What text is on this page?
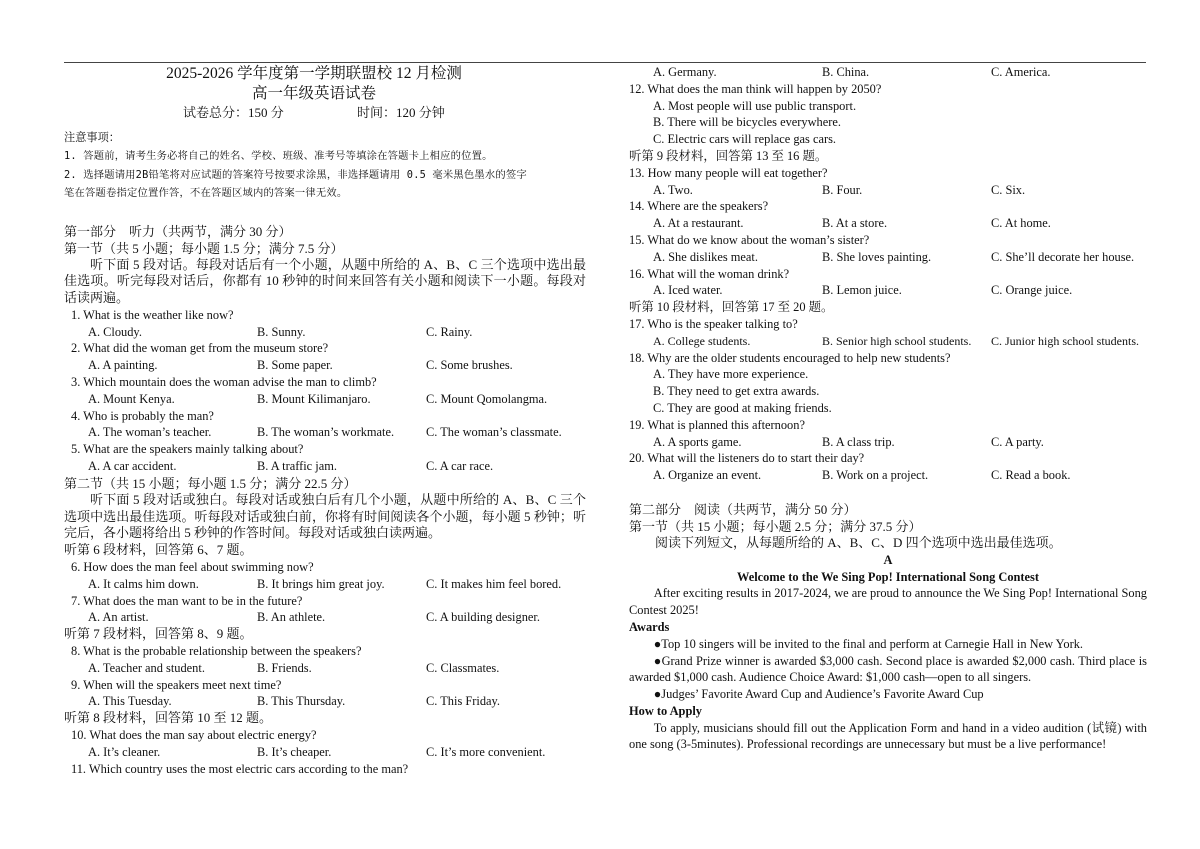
2025-2026 学年度第一学期联盟校 12 月检测
高一年级英语试卷
试卷总分：150 分	时间：120 分钟
注意事项：
1. 答题前，请考生务必将自己的姓名、学校、班级、准考号等填涂在答题卡上相应的位置。
2. 选择题请用2B铅笔将对应试题的答案符号按要求涂黑，非选择题请用 0.5 毫米黑色墨水的签字
笔在答题卷指定位置作答，不在答题区域内的答案一律无效。
第一部分　听力（共两节，满分 30 分）
第一节（共 5 小题；每小题 1.5 分；满分 7.5 分）
听下面 5 段对话。每段对话后有一个小题，从题中所给的 A、B、C 三个选项中选出最佳选项。听完每段对话后，你都有 10 秒钟的时间来回答有关小题和阅读下一小题。每段对话读两遍。
1. What is the weather like now?
A. Cloudy.	B. Sunny.	C. Rainy.
2. What did the woman get from the museum store?
A. A painting.	B. Some paper.	C. Some brushes.
3. Which mountain does the woman advise the man to climb?
A. Mount Kenya.	B. Mount Kilimanjaro.	C. Mount Qomolangma.
4. Who is probably the man?
A. The woman’s teacher.	B. The woman’s workmate.	C. The woman’s classmate.
5. What are the speakers mainly talking about?
A. A car accident.	B. A traffic jam.	C. A car race.
第二节（共 15 小题；每小题 1.5 分；满分 22.5 分）
听下面 5 段对话或独白。每段对话或独白后有几个小题，从题中所给的 A、B、C 三个选项中选出最佳选项。听每段对话或独白前，你将有时间阅读各个小题，每小题 5 秒钟；听完后，各小题将给出 5 秒钟的作答时间。每段对话或独白读两遍。
听第 6 段材料，回答第 6、7 题。
6. How does the man feel about swimming now?
A. It calms him down.	B. It brings him great joy.	C. It makes him feel bored.
7. What does the man want to be in the future?
A. An artist.	B. An athlete.	C. A building designer.
听第 7 段材料，回答第 8、9 题。
8. What is the probable relationship between the speakers?
A. Teacher and student.	B. Friends.	C. Classmates.
9. When will the speakers meet next time?
A. This Tuesday.	B. This Thursday.	C. This Friday.
听第 8 段材料，回答第 10 至 12 题。
10. What does the man say about electric energy?
A. It’s cleaner.	B. It’s cheaper.	C. It’s more convenient.
11. Which country uses the most electric cars according to the man?
A. Germany.	B. China.	C. America.
12. What does the man think will happen by 2050?
A. Most people will use public transport.
B. There will be bicycles everywhere.
C. Electric cars will replace gas cars.
听第 9 段材料，回答第 13 至 16 题。
13. How many people will eat together?
A. Two.	B. Four.	C. Six.
14. Where are the speakers?
A. At a restaurant.	B. At a store.	C. At home.
15. What do we know about the woman’s sister?
A. She dislikes meat.	B. She loves painting.	C. She’ll decorate her house.
16. What will the woman drink?
A. Iced water.	B. Lemon juice.	C. Orange juice.
听第 10 段材料，回答第 17 至 20 题。
17. Who is the speaker talking to?
A. College students.	B. Senior high school students.	C. Junior high school students.
18. Why are the older students encouraged to help new students?
A. They have more experience.
B. They need to get extra awards.
C. They are good at making friends.
19. What is planned this afternoon?
A. A sports game.	B. A class trip.	C. A party.
20. What will the listeners do to start their day?
A. Organize an event.	B. Work on a project.	C. Read a book.
第二部分　阅读（共两节，满分 50 分）
第一节（共 15 小题；每小题 2.5 分；满分 37.5 分）
阅读下列短文，从每题所给的 A、B、C、D 四个选项中选出最佳选项。
A
Welcome to the We Sing Pop! International Song Contest
After exciting results in 2017-2024, we are proud to announce the We Sing Pop! International Song Contest 2025!
Awards
●Top 10 singers will be invited to the final and perform at Carnegie Hall in New York.
●Grand Prize winner is awarded $3,000 cash. Second place is awarded $2,000 cash. Third place is awarded $1,000 cash. Audience Choice Award: $1,000 cash—open to all singers.
●Judges’ Favorite Award Cup and Audience’s Favorite Award Cup
How to Apply
To apply, musicians should fill out the Application Form and hand in a video audition (试镜) with one song (3-5minutes). Professional recordings are unnecessary but must be a live performance!
